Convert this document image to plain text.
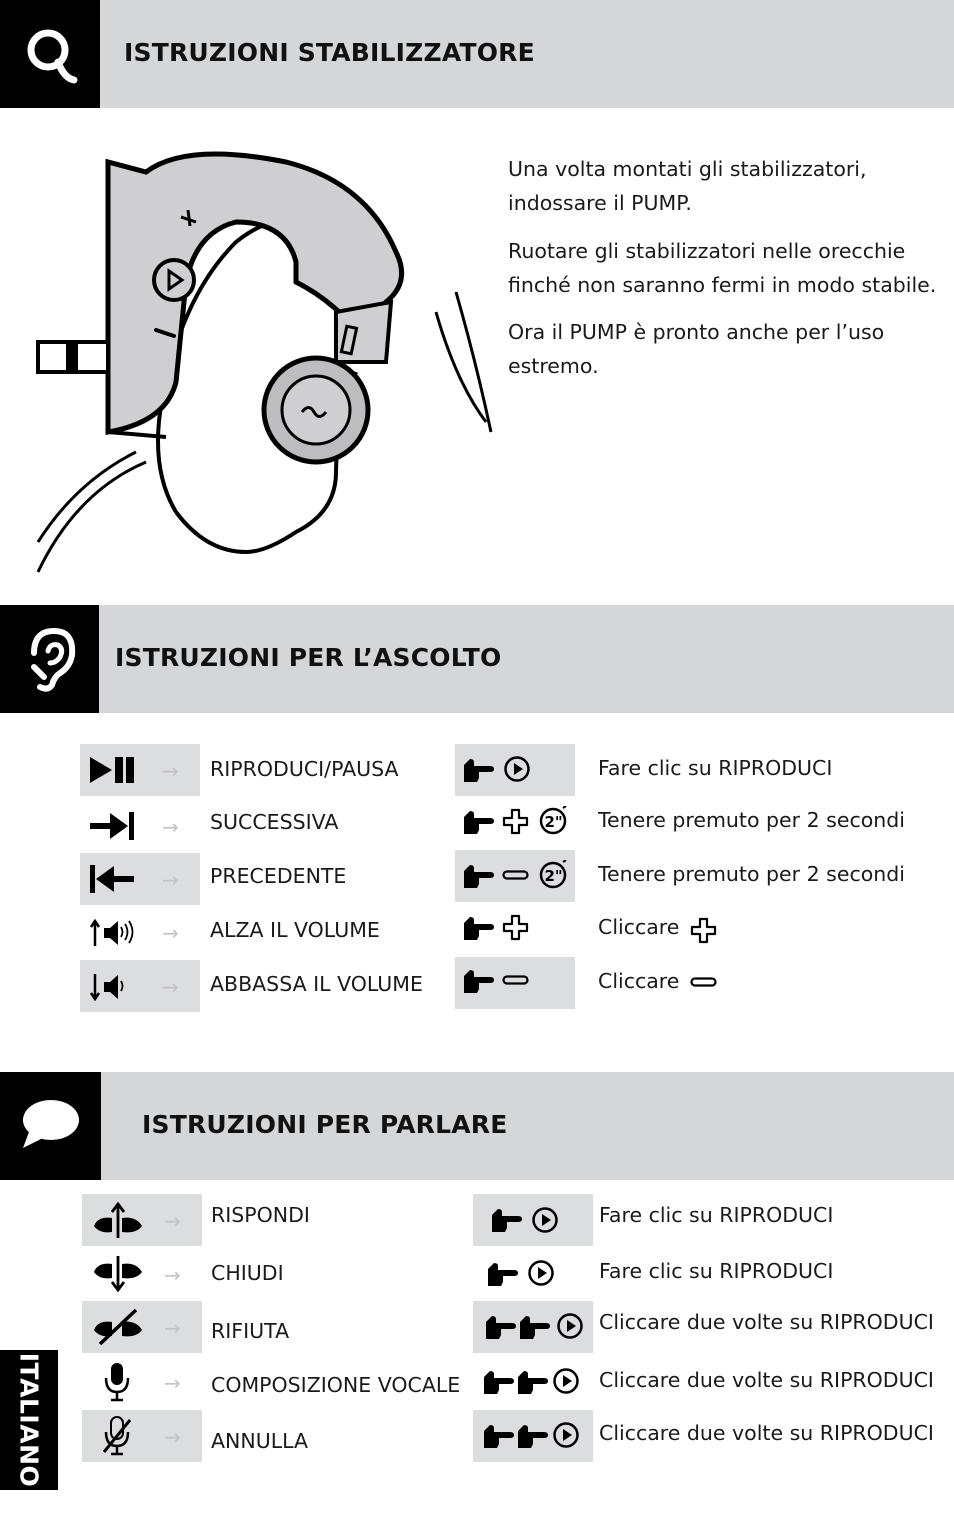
ISTRUZIONI STABILIZZATORE

Una volta montati gli stabilizzatori, indossare il PUMP.

Ruotare gli stabilizzatori nelle orecchie finché non saranno fermi in modo stabile.

Ora il PUMP è pronto anche per l’uso estremo.

ISTRUZIONI PER L’ASCOLTO
→ RIPRODUCI/PAUSA
→ SUCCESSIVA
→ PRECEDENTE
→ ALZA IL VOLUME
→ ABBASSA IL VOLUME
Fare clic su RIPRODUCI
Tenere premuto per 2 secondi
Tenere premuto per 2 secondi
Cliccare
Cliccare
ISTRUZIONI PER PARLARE
→ RISPONDI
→ CHIUDI
→ RIFIUTA
→ COMPOSIZIONE VOCALE
→ ANNULLA
Fare clic su RIPRODUCI
Fare clic su RIPRODUCI
Cliccare due volte su RIPRODUCI
Cliccare due volte su RIPRODUCI
Cliccare due volte su RIPRODUCI
ITALIANO
